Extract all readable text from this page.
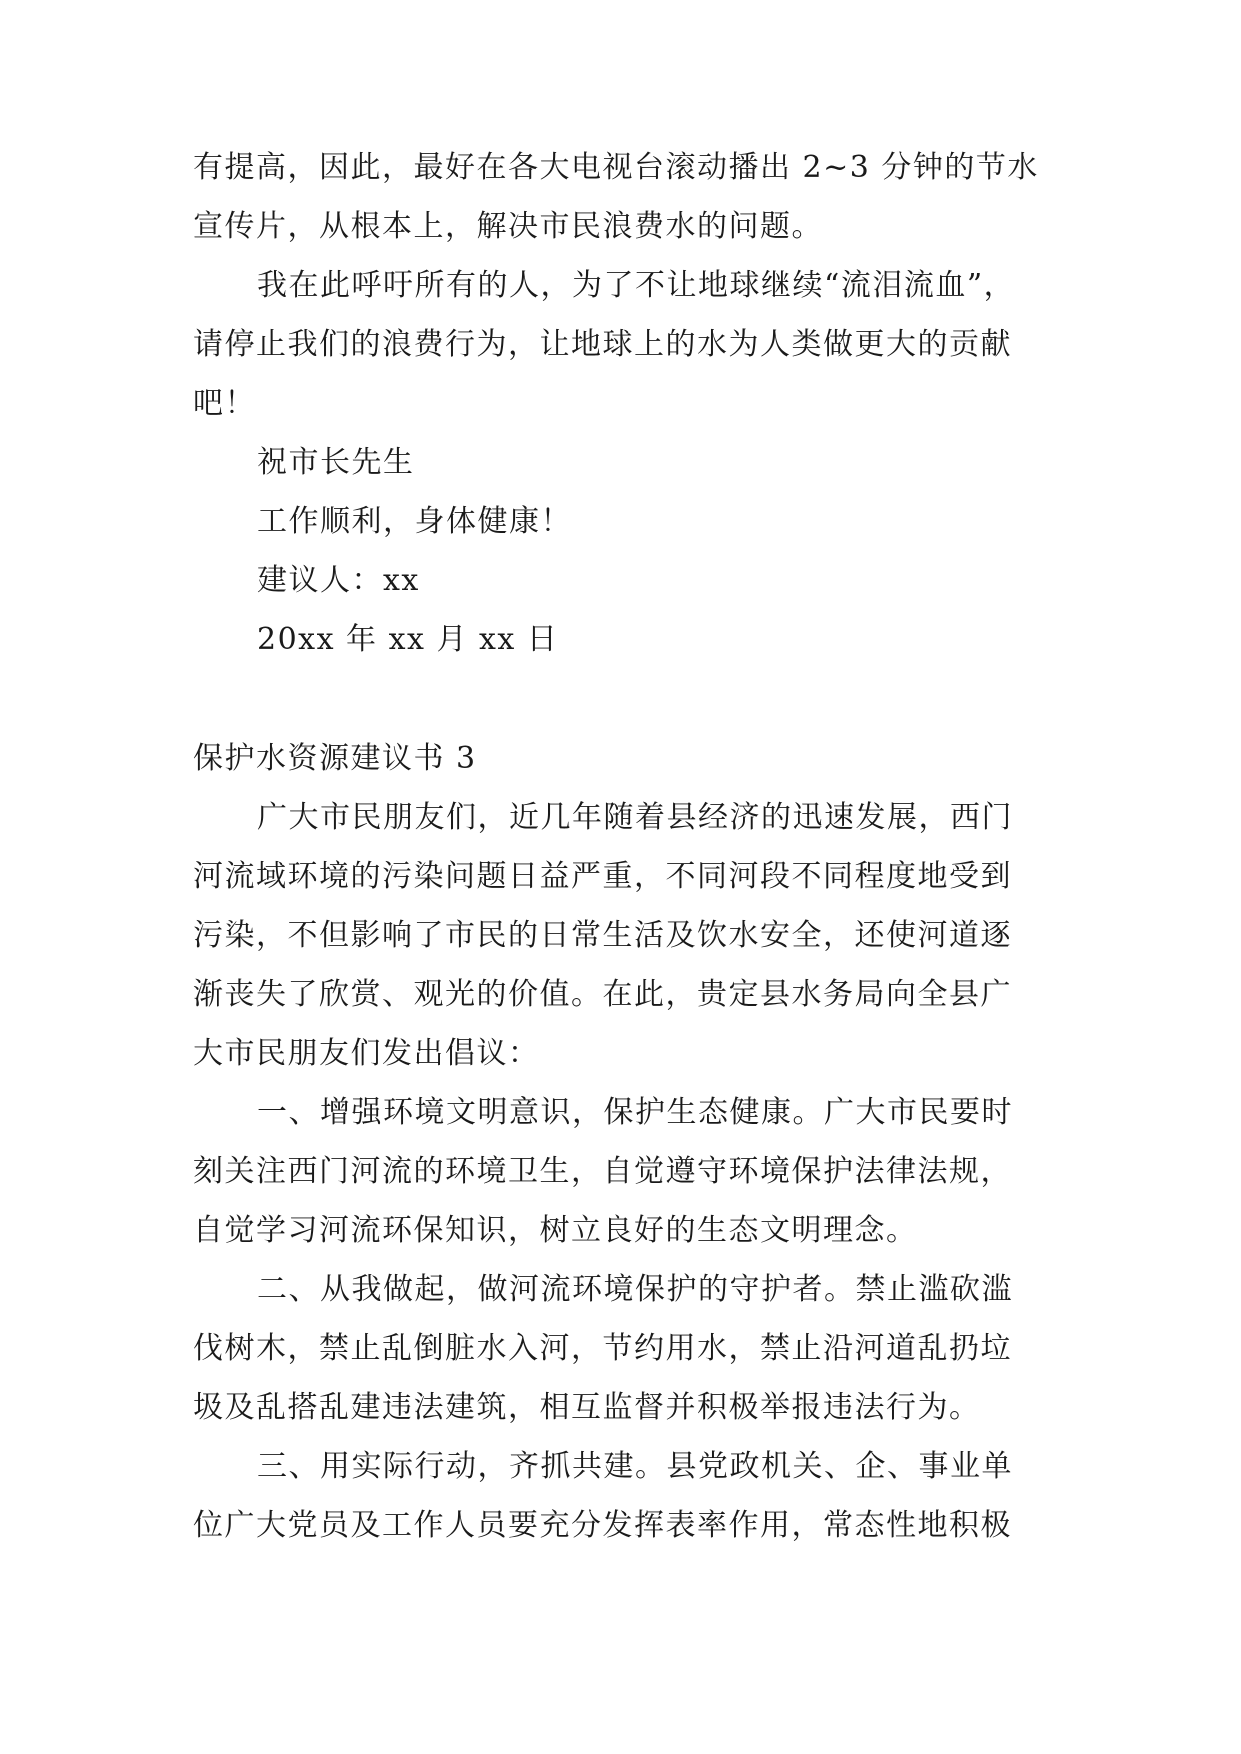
有提高，因此，最好在各大电视台滚动播出 2~3 分钟的节水
宣传片，从根本上，解决市民浪费水的问题。
我在此呼吁所有的人，为了不让地球继续“流泪流血”，
请停止我们的浪费行为，让地球上的水为人类做更大的贡献
吧！
祝市长先生
工作顺利，身体健康！
建议人：xx
20xx 年 xx 月 xx 日
保护水资源建议书 3
广大市民朋友们，近几年随着县经济的迅速发展，西门
河流域环境的污染问题日益严重，不同河段不同程度地受到
污染，不但影响了市民的日常生活及饮水安全，还使河道逐
渐丧失了欣赏、观光的价值。在此，贵定县水务局向全县广
大市民朋友们发出倡议：
一、增强环境文明意识，保护生态健康。广大市民要时
刻关注西门河流的环境卫生，自觉遵守环境保护法律法规，
自觉学习河流环保知识，树立良好的生态文明理念。
二、从我做起，做河流环境保护的守护者。禁止滥砍滥
伐树木，禁止乱倒脏水入河，节约用水，禁止沿河道乱扔垃
圾及乱搭乱建违法建筑，相互监督并积极举报违法行为。
三、用实际行动，齐抓共建。县党政机关、企、事业单
位广大党员及工作人员要充分发挥表率作用，常态性地积极
